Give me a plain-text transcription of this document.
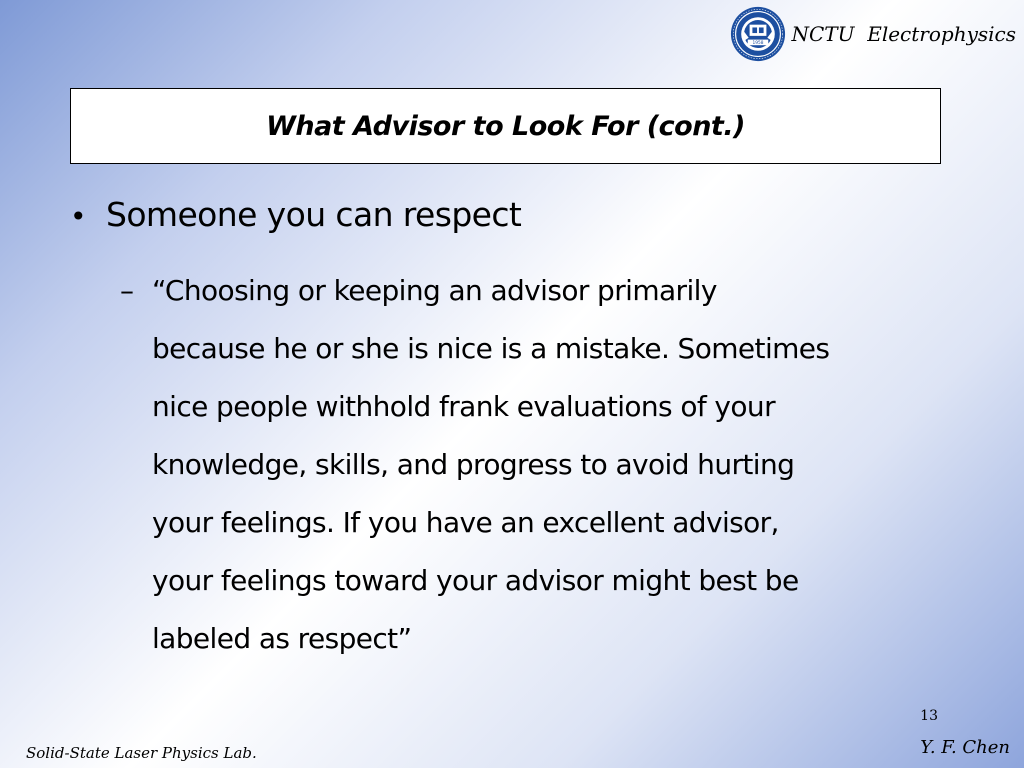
1958 NCTU  Electrophysics
What Advisor to Look For (cont.)
• Someone you can respect
– “Choosing or keeping an advisor primarily
because he or she is nice is a mistake. Sometimes
nice people withhold frank evaluations of your
knowledge, skills, and progress to avoid hurting
your feelings. If you have an excellent advisor,
your feelings toward your advisor might best be
labeled as respect”
13
Solid-State Laser Physics Lab.	Y. F. Chen
